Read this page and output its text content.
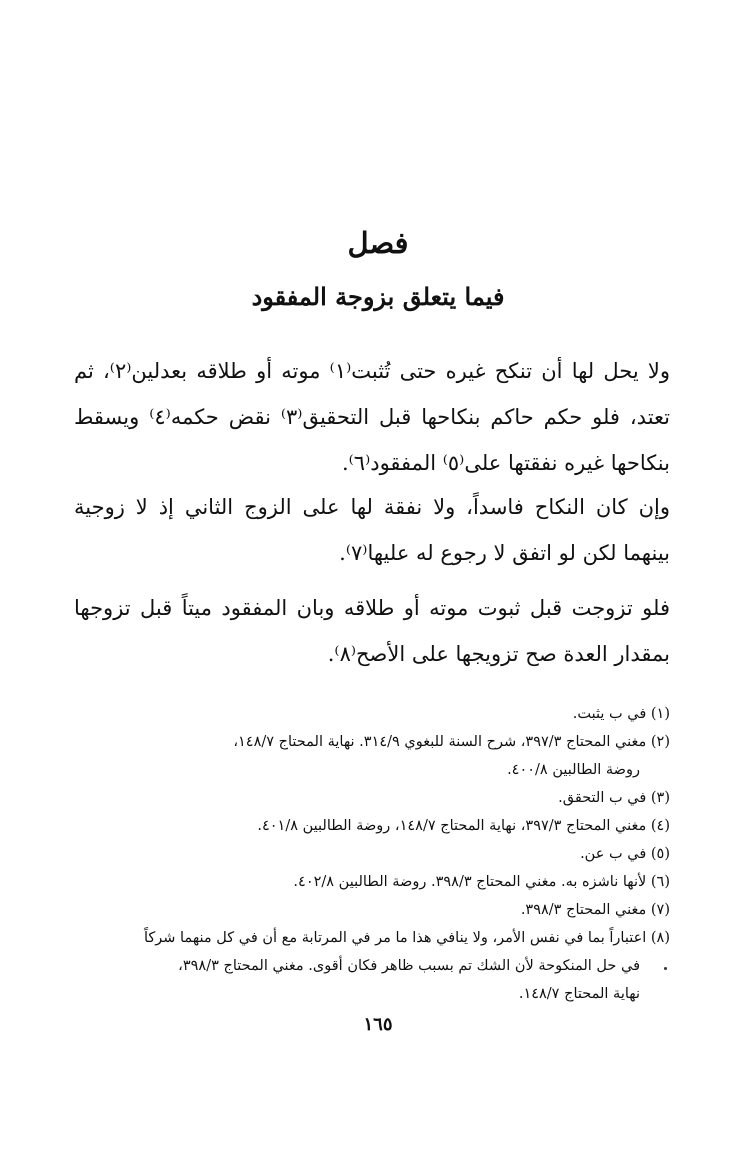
فصل
فيما يتعلق بزوجة المفقود

ولا يحل لها أن تنكح غيره حتى تُثبت⁽١⁾ موته أو طلاقه بعدلين⁽٢⁾، ثم تعتد، فلو حكم حاكم بنكاحها قبل التحقيق⁽٣⁾ نقض حكمه⁽٤⁾ ويسقط بنكاحها غيره نفقتها على⁽٥⁾ المفقود⁽٦⁾.

وإن كان النكاح فاسداً، ولا نفقة لها على الزوج الثاني إذ لا زوجية بينهما لكن لو اتفق لا رجوع له عليها⁽٧⁾.

فلو تزوجت قبل ثبوت موته أو طلاقه وبان المفقود ميتاً قبل تزوجها بمقدار العدة صح تزويجها على الأصح⁽٨⁾.

(١) في ب يثبت.
(٢) مغني المحتاج ٣٩٧/٣، شرح السنة للبغوي ٣١٤/٩. نهاية المحتاج ١٤٨/٧،
روضة الطالبين ٤٠٠/٨.
(٣) في ب التحقق.
(٤) مغني المحتاج ٣٩٧/٣، نهاية المحتاج ١٤٨/٧، روضة الطالبين ٤٠١/٨.
(٥) في ب عن.
(٦) لأنها ناشزه به. مغني المحتاج ٣٩٨/٣. روضة الطالبين ٤٠٢/٨.
(٧) مغني المحتاج ٣٩٨/٣.
(٨) اعتباراً بما في نفس الأمر، ولا ينافي هذا ما مر في المرتابة مع أن في كل منهما شركاً
في حل المنكوحة لأن الشك تم بسبب ظاهر فكان أقوى. مغني المحتاج ٣٩٨/٣،
نهاية المحتاج ١٤٨/٧.
١٦٥
